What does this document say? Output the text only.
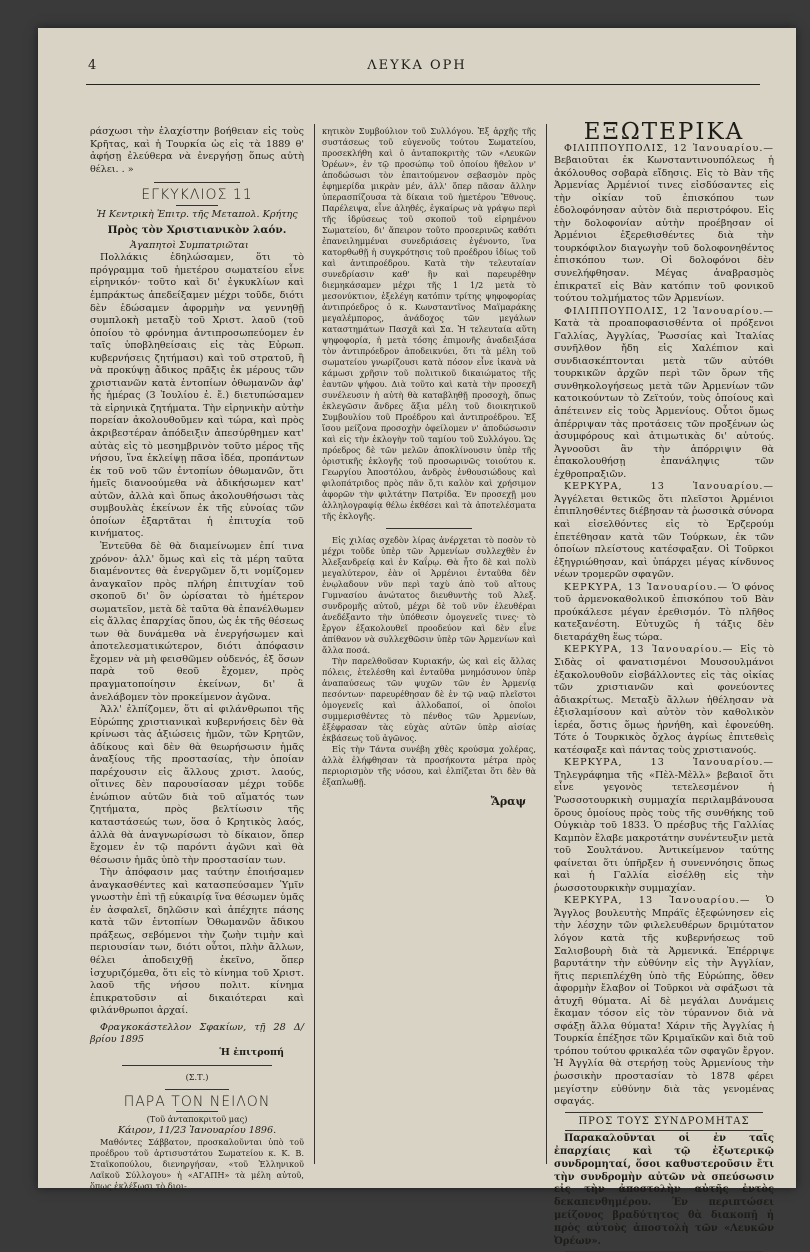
4	ΛΕΥΚΑ ΟΡΗ

ράσχωσι τὴν ἐλαχίστην βοήθειαν εἰς τοὺς Κρῆτας, καὶ ἡ Τουρκία ὡς εἰς τὰ 1889 θ' ἀφήσῃ ἐλεύθερα νὰ ἐνεργήσῃ ὅπως αὐτὴ θέλει. . »

ΕΓΚΥΚΛΙΟΣ 11

Ἡ Κεντρικὴ Ἐπιτρ. τῆς Μεταπολ. Κρήτης

Πρὸς τὸν Χριστιανικὸν λαόν.

Ἀγαπητοὶ Συμπατριῶται

Πολλάκις ἐδηλώσαμεν, ὅτι τὸ πρόγραμμα τοῦ ἡμετέρου σωματείου εἶνε εἰρηνικόν· τοῦτο καὶ δι' ἐγκυκλίων καὶ ἐμπράκτως ἀπεδείξαμεν μέχρι τοῦδε, διότι δὲν ἐδώσαμεν ἀφορμὴν να γεννηθῇ συμπλοκὴ μεταξὺ τοῦ Χριστ. λαοῦ (τοῦ ὁποίου τὸ φρόνημα ἀντιπροσωπεύομεν ἐν ταῖς ὑποβληθείσαις εἰς τὰς Εὐρωπ. κυβερνήσεις ζητήμασι) καὶ τοῦ στρατοῦ, ἢ νὰ προκύψῃ ἄδικος πρᾶξις ἐκ μέρους τῶν χριστιανῶν κατὰ ἐντοπίων ὀθωμανῶν ἀφ' ἧς ἡμέρας (3 Ἰουλίου ἐ. ἔ.) διετυπώσαμεν τὰ εἰρηνικὰ ζητήματα. Τὴν εἰρηνικὴν αὐτὴν πορείαν ἀκολουθοῦμεν καὶ τώρα, καὶ πρὸς ἀκριβεστέραν ἀπόδειξιν ἀπεσύρθημεν κατ' αὐτὰς εἰς τὸ μεσημβρινὸν τοῦτο μέρος τῆς νήσου, ἵνα ἐκλείψῃ πᾶσα ἰδέα, προπάντων ἐκ τοῦ νοῦ τῶν ἐντοπίων ὀθωμανῶν, ὅτι ἡμεῖς διανοούμεθα νὰ ἀδικήσωμεν κατ' αὐτῶν, ἀλλὰ καὶ ὅπως ἀκολουθήσωσι τὰς συμβουλὰς ἐκείνων ἐκ τῆς εὐνοίας τῶν ὁποίων ἐξαρτᾶται ἡ ἐπιτυχία τοῦ κινήματος.

Ἐντεῦθα δὲ θὰ διαμείνωμεν ἐπί τινα χρόνον· ἀλλ' ὅμως καὶ εἰς τὰ μέρη ταῦτα διαμένοντες θὰ ἐνεργῶμεν ὅ,τι νομίζομεν ἀναγκαῖον πρὸς πλήρη ἐπιτυχίαν τοῦ σκοποῦ δι' ὃν ὡρίσαται τὸ ἡμέτερον σωματεῖον, μετὰ δὲ ταῦτα θὰ ἐπανέλθωμεν εἰς ἄλλας ἐπαρχίας ὅπου, ὡς ἐκ τῆς θέσεως των θὰ δυνάμεθα νὰ ἐνεργήσωμεν καὶ ἀποτελεσματικώτερον, διότι ἀπόφασιν ἔχομεν νὰ μὴ φεισθῶμεν οὐδενός, ἐξ ὅσων παρὰ τοῦ θεοῦ ἔχομεν, πρὸς πραγματοποίησιν ἐκείνων, δι' ἃ ἀνελάβομεν τὸν προκείμενον ἀγῶνα.

Ἀλλ' ἐλπίζομεν, ὅτι αἱ φιλάνθρωποι τῆς Εὐρώπης χριστιανικαὶ κυβερνήσεις δὲν θὰ κρίνωσι τὰς ἀξιώσεις ἡμῶν, τῶν Κρητῶν, ἀδίκους καὶ δὲν θὰ θεωρήσωσιν ἡμᾶς ἀναξίους τῆς προστασίας, τὴν ὁποίαν παρέχουσιν εἰς ἄλλους χριστ. λαούς, οἵτινες δὲν παρουσίασαν μέχρι τοῦδε ἐνώπιον αὐτῶν διὰ τοῦ αἵματός των ζητήματα, πρὸς βελτίωσιν τῆς καταστάσεώς των, ὅσα ὁ Κρητικὸς λαός, ἀλλὰ θὰ ἀναγνωρίσωσι τὸ δίκαιον, ὅπερ ἔχομεν ἐν τῷ παρόντι ἀγῶνι καὶ θὰ θέσωσιν ἡμᾶς ὑπὸ τὴν προστασίαν των.

Τὴν ἀπόφασιν μας ταύτην ἐποιήσαμεν ἀναγκασθέντες καὶ κατασπεύσαμεν Ὑμῖν γνωστὴν ἐπὶ τῇ εὐκαιρίᾳ ἵνα θέσωμεν ὑμᾶς ἐν ἀσφαλεῖ, δηλῶσιν καὶ ἀπέχητε πάσης κατὰ τῶν ἐντοπίων Ὀθωμανῶν ἄδικου πράξεως, σεβόμενοι τὴν ζωὴν τιμὴν καὶ περιουσίαν των, διότι οὗτοι, πλὴν ἄλλων, θέλει ἀποδειχθῇ ἐκεῖνο, ὅπερ ἰσχυριζόμεθα, ὅτι εἰς τὸ κίνημα τοῦ Χριστ. λαοῦ τῆς νήσου πολιτ. κίνημα ἐπικρατοῦσιν αἱ δικαιότεραι καὶ φιλάνθρωποι ἀρχαί.

Φραγκοκάστελλον Σφακίων, τῇ 28 Δ/βρίου 1895

Ἡ ἐπιτροπή

(Σ.Τ.)

ΠΑΡΑ ΤΟΝ ΝΕΙΛΟΝ

(Τοῦ ἀνταποκριτοῦ μας)

Κάιρον, 11/23 Ἰανουαρίου 1896.

Μαθόντες Σάββατον, προσκαλοῦνται ὑπὸ τοῦ προέδρου τοῦ ἀρτισυστάτου Σωματείου κ. Κ. Β. Σταϊκοπούλου, διενηργήσαν, «τοῦ Ἑλληνικοῦ Λαϊκοῦ Σύλλογου» ἡ «ΑΓΑΠΗ» τὰ μέλη αὐτοῦ, ὅπως ἐκλέξωσι τὸ διοι-

κητικὸν Συμβούλιον τοῦ Συλλόγου. Ἐξ ἀρχῆς τῆς συστάσεως τοῦ εὐγενοῦς τούτου Σωματείου, προσεκλήθη καὶ ὁ ἀνταποκριτὴς τῶν «Λευκῶν Ὀρέων», ἐν τῷ προσώπῳ τοῦ ὁποίου ἤθελον ν' ἀποδώσωσι τὸν ἐπαιτούμενον σεβασμὸν πρὸς ἐφημερίδα μικρὰν μέν, ἀλλ' ὅπερ πᾶσαν ἄλλην ὑπερασπίζουσα τὰ δίκαια τοῦ ἡμετέρου Ἔθνους. Παρέλειψα, εἶνε ἀληθές, ἐγκαίρως νὰ γράψω περὶ τῆς ἱδρύσεως τοῦ σκοποῦ τοῦ εἰρημένου Σωματείου, δι' ἄπειρον τοῦτο προσερινῶς καθότι ἐπανειλημμέναι συνεδριάσεις ἐγένοντο, ἵνα κατορθωθῇ ἡ συγκρότησις τοῦ προέδρου ἰδίως τοῦ καὶ ἀντιπροέδρου. Κατὰ τὴν τελευταίαν συνεδρίασιν καθ' ἣν καὶ παρευρέθην διεμηκάσαμεν μέχρι τῆς 1 1/2 μετὰ τὸ μεσονύκτιον, ἐξελέγη κατόπιν τρίτης ψηφοφορίας ἀντιπρόεδρος ὁ κ. Κωνσταντῖνος Μαϊμαράκης μεγαλέμπορος, ἀνάδοχος τῶν μεγάλων καταστημάτων Πασχᾶ καὶ Σα. Ἡ τελευταία αὕτη ψηφοφορία, ἡ μετὰ τόσης ἐπιμονῆς ἀναδειξάσα τὸν ἀντιπρόεδρον ἀποδεικνύει, ὅτι τὰ μέλη τοῦ σωματείου γνωρίζουσι κατὰ πόσον εἶνε ἱκανὰ νὰ κάμωσι χρῆσιν τοῦ πολιτικοῦ δικαιώματος τῆς ἑαυτῶν ψήφου. Διὰ τοῦτο καὶ κατὰ τὴν προσεχῆ συνέλευσιν ἡ αὐτὴ θὰ καταβληθῇ προσοχὴ, ὅπως ἐκλεγῶσιν ἄνδρες ἄξια μέλη τοῦ διοικητικοῦ Συμβουλίου τοῦ Προέδρου καὶ ἀντιπροέδρου. Ἐξ ἴσου μείζονα προσοχὴν ὀφείλομεν ν' ἀποδώσωσιν καὶ εἰς τὴν ἐκλογὴν τοῦ ταμίου τοῦ Συλλόγου. Ὡς πρόεδρος δὲ τῶν μελῶν ἀποκλίνουσιν ὑπὲρ τῆς ὁριστικῆς ἐκλογῆς τοῦ προσωρινῶς τοιούτου κ. Γεωργίου Ἀποστόλου, ἀνδρὸς ἐνθουσιώδους καὶ φιλοπάτριδος πρὸς πᾶν ὅ,τι καλὸν καὶ χρήσιμον ἀφορῶν τὴν φιλτάτην Πατρίδα. Ἐν προσεχῇ μου ἀλληλογραφίᾳ θέλω ἐκθέσει καὶ τὰ ἀποτελέσματα τῆς ἐκλογῆς.

Εἰς χιλίας σχεδὸν λίρας ἀνέρχεται τὸ ποσὸν τὸ μέχρι τοῦδε ὑπὲρ τῶν Ἀρμενίων συλλεχθὲν ἐν Ἀλεξανδρείᾳ καὶ ἐν Καΐρῳ. Θὰ ἦτο δὲ καὶ πολὺ μεγαλύτερον, ἐὰν οἱ Ἀρμένιοι ἐνταῦθα δὲν ἐνῳλαδουν νῦν περὶ ταχὺ ἀπὸ τοῦ αἴτους Γυμνασίου ἀνώτατος διευθυντὴς τοῦ Ἀλεξ. συνδρομῆς αὐτοῦ, μέχρι δὲ τοῦ νῦν ἐλευθέραι ἀνεδέξαντο τὴν ὑπόθεσιν ὁμογενεῖς τινες· τὸ ἔργον ἐξακολουθεῖ προοδεύον καὶ δὲν εἶνε ἀπίθανον νὰ συλλεχθῶσιν ὑπὲρ τῶν Ἀρμενίων καὶ ἄλλα ποσά.

Τὴν παρελθοῦσαν Κυριακήν, ὡς καὶ εἰς ἄλλας πόλεις, ἐτελέσθη καὶ ἐνταῦθα μνημόσυνον ὑπὲρ ἀναπαύσεως τῶν ψυχῶν τῶν ἐν Ἀρμενίᾳ πεσόντων· παρευρέθησαν δὲ ἐν τῷ ναῷ πλεῖστοι ὁμογενεῖς καὶ ἀλλοδαποί, οἱ ὁποῖοι συμμερισθέντες τὸ πένθος τῶν Ἀρμενίων, ἐξέφρασαν τὰς εὐχὰς αὐτῶν ὑπὲρ αἰσίας ἐκβάσεως τοῦ ἀγῶνος.

Εἰς τὴν Τάντα συνέβη χθὲς κρούσμα χολέρας, ἀλλὰ ἐλήφθησαν τὰ προσήκοντα μέτρα πρὸς περιορισμὸν τῆς νόσου, καὶ ἐλπίζεται ὅτι δὲν θὰ ἐξαπλωθῇ.

Ἄραψ

ΕΞΩΤΕΡΙΚΑ

ΦΙΛΙΠΠΟΥΠΟΛΙΣ, 12 Ἰανουαρίου.— Βεβαιοῦται ἐκ Κωνσταντινουπόλεως ἡ ἀκόλουθος σοβαρὰ εἴδησις. Εἰς τὸ Βὰν τῆς Ἀρμενίας Ἀρμένιοί τινες εἰσδύσαντες εἰς τὴν οἰκίαν τοῦ ἐπισκόπου των ἐδολοφόνησαν αὐτὸν διὰ περιστρόφου. Εἰς τὴν δολοφονίαν αὐτὴν προέβησαν οἱ Ἀρμένιοι ἐξερεθισθέντες διὰ τὴν τουρκόφιλον διαγωγὴν τοῦ δολοφονηθέντος ἐπισκόπου των. Οἱ δολοφόνοι δὲν συνελήφθησαν. Μέγας ἀναβρασμὸς ἐπικρατεῖ εἰς Βὰν κατόπιν τοῦ φονικοῦ τούτου τολμήματος τῶν Ἀρμενίων.

ΦΙΛΙΠΠΟΥΠΟΛΙΣ, 12 Ἰανουαρίου.— Κατὰ τὰ προαποφασισθέντα οἱ πρόξενοι Γαλλίας, Ἀγγλίας, Ῥωσσίας καὶ Ἰταλίας συνῆλθον ἤδη εἰς Χαλέπιον καὶ συνδιασκέπτονται μετὰ τῶν αὐτόθι τουρκικῶν ἀρχῶν περὶ τῶν ὅρων τῆς συνθηκολογήσεως μετὰ τῶν Ἀρμενίων τῶν κατοικούντων τὸ Ζεϊτούν, τοὺς ὁποίους καὶ ἀπέτεινεν εἰς τοὺς Ἀρμενίους. Οὗτοι ὅμως ἀπέρριψαν τὰς προτάσεις τῶν προξένων ὡς ἀσυμφόρους καὶ ἀτιμωτικὰς δι' αὐτούς. Ἀγνοοῦσι ἂν τὴν ἀπόρριψιν θὰ ἐπακολουθήσῃ ἐπανάληψις τῶν ἐχθροπραξιῶν.

ΚΕΡΚΥΡΑ, 13 Ἰανουαρίου.— Ἀγγέλεται θετικῶς ὅτι πλεῖστοι Ἀρμένιοι ἐπιπλησθέντες διέβησαν τὰ ῥωσσικὰ σύνορα καὶ εἰσελθόντες εἰς τὸ Ἐρζερούμ ἐπετέθησαν κατὰ τῶν Τούρκων, ἐκ τῶν ὁποίων πλείστους κατέσφαξαν. Οἱ Τοῦρκοι ἐξηγριώθησαν, καὶ ὑπάρχει μέγας κίνδυνος νέων τρομερῶν σφαγῶν.

ΚΕΡΚΥΡΑ, 13 Ἰανουαρίου.— Ὁ φόνος τοῦ ἀρμενοκαθολικοῦ ἐπισκόπου τοῦ Βὰν προύκάλεσε μέγαν ἐρεθισμόν. Τὸ πλῆθος κατεξανέστη. Εὐτυχῶς ἡ τάξις δὲν διεταράχθη ἕως τώρα.

ΚΕΡΚΥΡΑ, 13 Ἰανουαρίου.— Εἰς τὸ Σιδὰς οἱ φανατισμένοι Μουσουλμάνοι ἐξακολουθοῦν εἰσβάλλοντες εἰς τὰς οἰκίας τῶν χριστιανῶν καὶ φονεύοντες ἀδιακρίτως. Μεταξὺ ἄλλων ἠθέλησαν νὰ ἐξισλαμίσουν καὶ αὐτὸν τὸν καθολικὸν ἱερέα, ὅστις ὅμως ἠρνήθη, καὶ ἐφονεύθη. Τότε ὁ Τουρκικὸς ὄχλος ἀγρίως ἐπιτεθεὶς κατέσφαξε καὶ πάντας τοὺς χριστιανούς.

ΚΕΡΚΥΡΑ, 13 Ἰανουαρίου.— Τηλεγράφημα τῆς «Πὲλ-Μὲλλ» βεβαιοῖ ὅτι εἶνε γεγονὸς τετελεσμένον ἡ Ῥωσσοτουρκικὴ συμμαχία περιλαμβάνουσα ὅρους ὁμοίους πρὸς τοὺς τῆς συνθήκης τοῦ Οὐγκιὰρ τοῦ 1833. Ὁ πρέσβυς τῆς Γαλλίας Καμπὸν ἔλαβε μακροτάτην συνέντευξιν μετὰ τοῦ Σουλτάνου. Ἀντικείμενον ταύτης φαίνεται ὅτι ὑπῆρξεν ἡ συνεννόησις ὅπως καὶ ἡ Γαλλία εἰσέλθῃ εἰς τὴν ῥωσσοτουρκικὴν συμμαχίαν.

ΚΕΡΚΥΡΑ, 13 Ἰανουαρίου.— Ὁ Ἄγγλος βουλευτὴς Μπράϊς ἐξεφώνησεν εἰς τὴν λέσχην τῶν φιλελευθέρων δριμύτατον λόγον κατὰ τῆς κυβερνήσεως τοῦ Σαλισβουρὴ διὰ τὰ Ἀρμενικά. Ἐπέρριψε βαρυτάτην τὴν εὐθύνην εἰς τὴν Ἀγγλίαν, ἥτις περιεπλέχθη ὑπὸ τῆς Εὐρώπης, ὅθεν ἀφορμὴν ἔλαβον οἱ Τοῦρκοι νὰ σφάξωσι τὰ ἀτυχῆ θύματα. Αἱ δὲ μεγάλαι Δυνάμεις ἔκαμαν τόσον εἰς τὸν τύραννον διὰ νὰ σφάξῃ ἄλλα θύματα! Χάριν τῆς Ἀγγλίας ἡ Τουρκία ἐπέξησε τῶν Κριμαϊκῶν καὶ διὰ τοῦ τρόπου τούτου φρικαλέα τῶν σφαγῶν ἔργον. Ἡ Ἀγγλία θὰ στερήσῃ τοὺς Ἀρμενίους τὴν ῥωσσικὴν προστασίαν τὸ 1878 φέρει μεγίστην εὐθύνην διὰ τὰς γενομένας σφαγάς.

ΠΡΟΣ ΤΟΥΣ ΣΥΝΔΡΟΜΗΤΑΣ

Παρακαλοῦνται οἱ ἐν ταῖς ἐπαρχίαις καὶ τῷ ἐξωτερικῷ συνδρομηταί, ὅσοι καθυστεροῦσιν ἔτι τὴν συνδρομὴν αὐτῶν νὰ σπεύσωσιν εἰς τὴν ἀποστολὴν αὐτῆς ἐντὸς δεκαπενθημέρου. Ἐν περιπτώσει μείζονος βραδύτητος θὰ διακοπῇ ἡ πρὸς αὐτοὺς ἀποστολὴ τῶν «Λευκῶν Ὀρέων».
